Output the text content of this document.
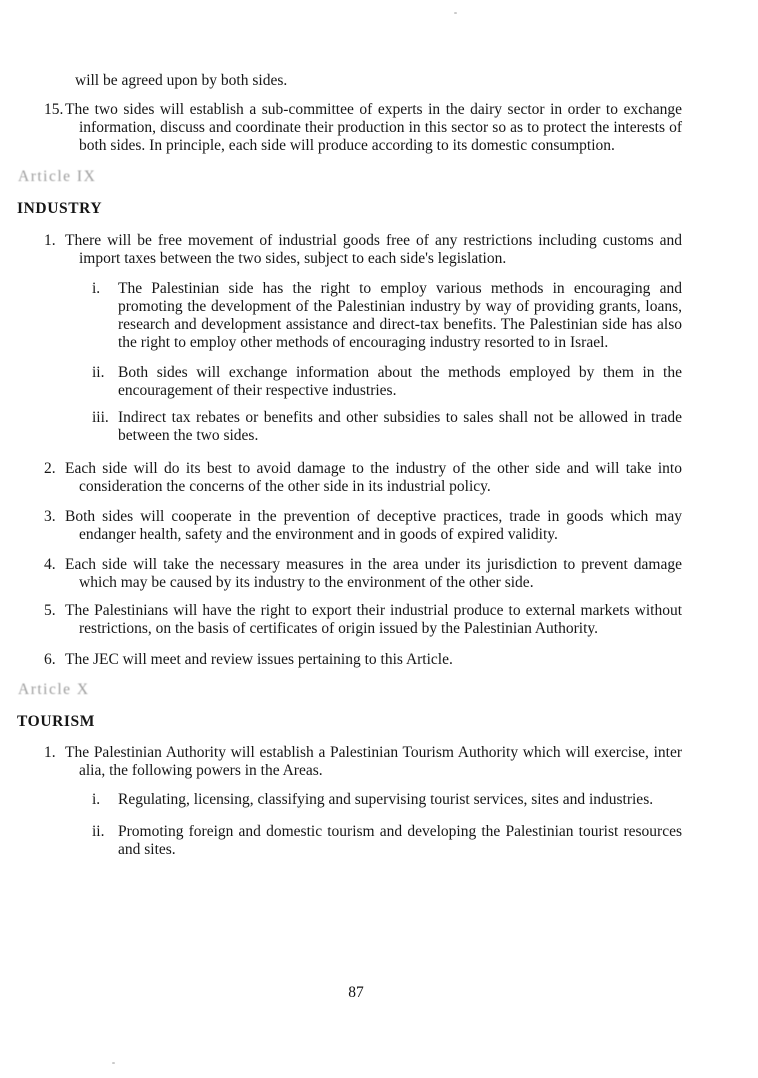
will be agreed upon by both sides.
15. The two sides will establish a sub-committee of experts in the dairy sector in order to exchange information, discuss and coordinate their production in this sector so as to protect the interests of both sides. In principle, each side will produce according to its domestic consumption.
Article IX
INDUSTRY
1. There will be free movement of industrial goods free of any restrictions including customs and import taxes between the two sides, subject to each side's legislation.
i. The Palestinian side has the right to employ various methods in encouraging and promoting the development of the Palestinian industry by way of providing grants, loans, research and development assistance and direct-tax benefits. The Palestinian side has also the right to employ other methods of encouraging industry resorted to in Israel.
ii. Both sides will exchange information about the methods employed by them in the encouragement of their respective industries.
iii. Indirect tax rebates or benefits and other subsidies to sales shall not be allowed in trade between the two sides.
2. Each side will do its best to avoid damage to the industry of the other side and will take into consideration the concerns of the other side in its industrial policy.
3. Both sides will cooperate in the prevention of deceptive practices, trade in goods which may endanger health, safety and the environment and in goods of expired validity.
4. Each side will take the necessary measures in the area under its jurisdiction to prevent damage which may be caused by its industry to the environment of the other side.
5. The Palestinians will have the right to export their industrial produce to external markets without restrictions, on the basis of certificates of origin issued by the Palestinian Authority.
6. The JEC will meet and review issues pertaining to this Article.
Article X
TOURISM
1. The Palestinian Authority will establish a Palestinian Tourism Authority which will exercise, inter alia, the following powers in the Areas.
i. Regulating, licensing, classifying and supervising tourist services, sites and industries.
ii. Promoting foreign and domestic tourism and developing the Palestinian tourist resources and sites.
87
